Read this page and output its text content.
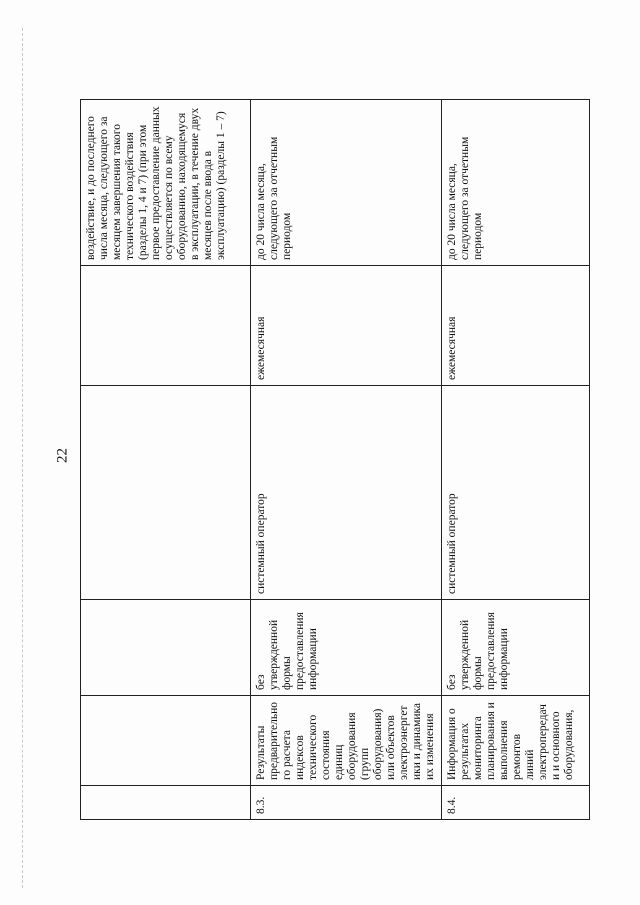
22
					воздействие, и до последнего числа месяца, следующего за месяцем завершения такого технического воздействия (разделы 1, 4 и 7) (при этом первое предоставление данных осуществляется по всему оборудованию, находящемуся в эксплуатации, в течение двух месяцев после ввода в эксплуатацию) (разделы 1 – 7)
8.3.	Результаты предварительного расчета индексов технического состояния единиц оборудования (групп оборудования) или объектов электроэнергетики и динамика их изменения	без утвержденной формы предоставления информации	системный оператор	ежемесячная	до 20 числа месяца, следующего за отчетным периодом
8.4.	Информация о результатах мониторинга планирования и выполнения ремонтов линий электропередачи и основного оборудования,	без утвержденной формы предоставления информации	системный оператор	ежемесячная	до 20 числа месяца, следующего за отчетным периодом
